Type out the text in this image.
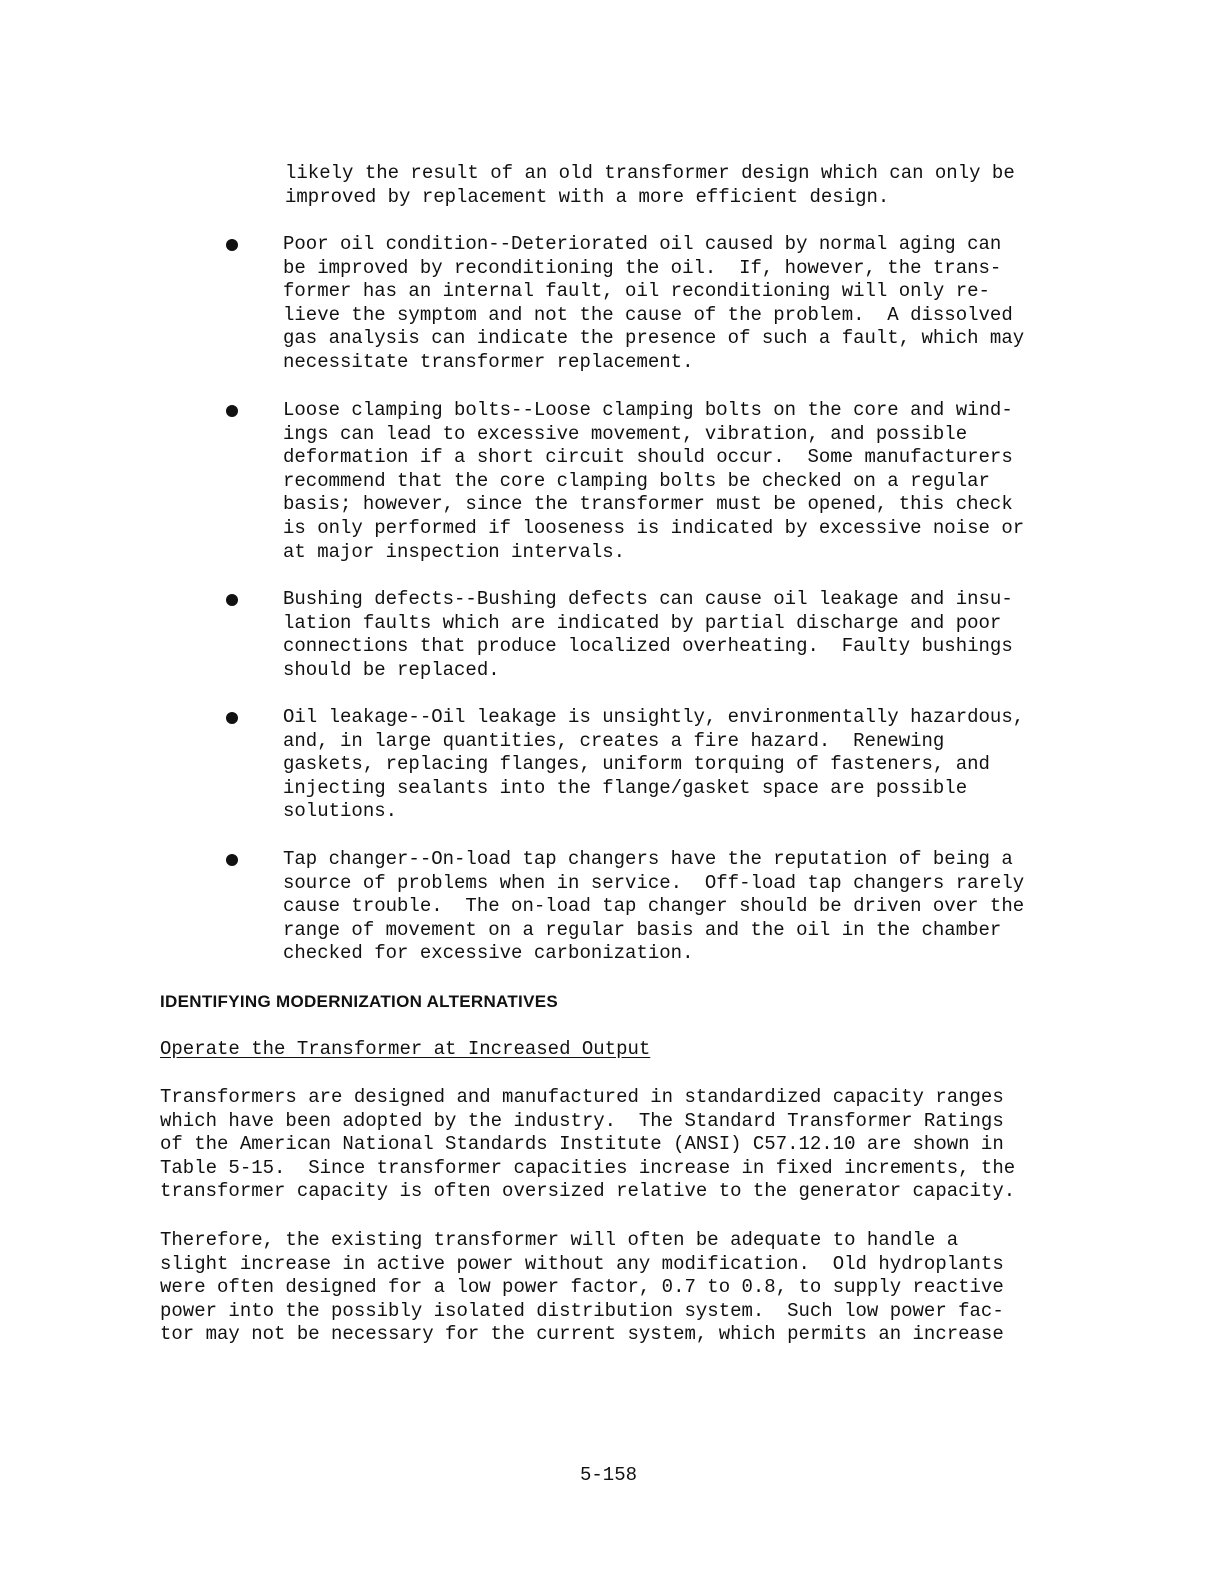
likely the result of an old transformer design which can only be
improved by replacement with a more efficient design.
Poor oil condition--Deteriorated oil caused by normal aging can
be improved by reconditioning the oil.  If, however, the trans-
former has an internal fault, oil reconditioning will only re-
lieve the symptom and not the cause of the problem.  A dissolved
gas analysis can indicate the presence of such a fault, which may
necessitate transformer replacement.
Loose clamping bolts--Loose clamping bolts on the core and wind-
ings can lead to excessive movement, vibration, and possible
deformation if a short circuit should occur.  Some manufacturers
recommend that the core clamping bolts be checked on a regular
basis; however, since the transformer must be opened, this check
is only performed if looseness is indicated by excessive noise or
at major inspection intervals.
Bushing defects--Bushing defects can cause oil leakage and insu-
lation faults which are indicated by partial discharge and poor
connections that produce localized overheating.  Faulty bushings
should be replaced.
Oil leakage--Oil leakage is unsightly, environmentally hazardous,
and, in large quantities, creates a fire hazard.  Renewing
gaskets, replacing flanges, uniform torquing of fasteners, and
injecting sealants into the flange/gasket space are possible
solutions.
Tap changer--On-load tap changers have the reputation of being a
source of problems when in service.  Off-load tap changers rarely
cause trouble.  The on-load tap changer should be driven over the
range of movement on a regular basis and the oil in the chamber
checked for excessive carbonization.
IDENTIFYING MODERNIZATION ALTERNATIVES
Operate the Transformer at Increased Output
Transformers are designed and manufactured in standardized capacity ranges
which have been adopted by the industry.  The Standard Transformer Ratings
of the American National Standards Institute (ANSI) C57.12.10 are shown in
Table 5-15.  Since transformer capacities increase in fixed increments, the
transformer capacity is often oversized relative to the generator capacity.
Therefore, the existing transformer will often be adequate to handle a
slight increase in active power without any modification.  Old hydroplants
were often designed for a low power factor, 0.7 to 0.8, to supply reactive
power into the possibly isolated distribution system.  Such low power fac-
tor may not be necessary for the current system, which permits an increase
5-158
